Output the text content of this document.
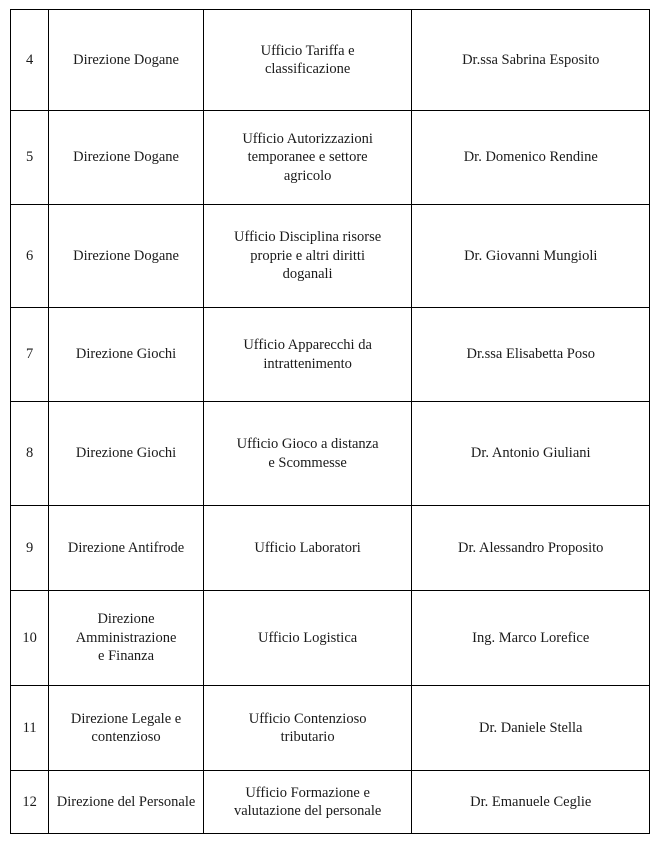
4	Direzione Dogane	Ufficio Tariffa e
classificazione	Dr.ssa Sabrina Esposito
5	Direzione Dogane	Ufficio Autorizzazioni
temporanee e settore
agricolo	Dr. Domenico Rendine
6	Direzione Dogane	Ufficio Disciplina risorse
proprie e altri diritti
doganali	Dr. Giovanni Mungioli
7	Direzione Giochi	Ufficio Apparecchi da
intrattenimento	Dr.ssa Elisabetta Poso
8	Direzione Giochi	Ufficio Gioco a distanza
e Scommesse	Dr. Antonio Giuliani
9	Direzione Antifrode	Ufficio Laboratori	Dr. Alessandro Proposito
10	Direzione
Amministrazione
e Finanza	Ufficio Logistica	Ing. Marco Lorefice
11	Direzione Legale e
contenzioso	Ufficio Contenzioso
tributario	Dr. Daniele Stella
12	Direzione del Personale	Ufficio Formazione e
valutazione del personale	Dr. Emanuele Ceglie
